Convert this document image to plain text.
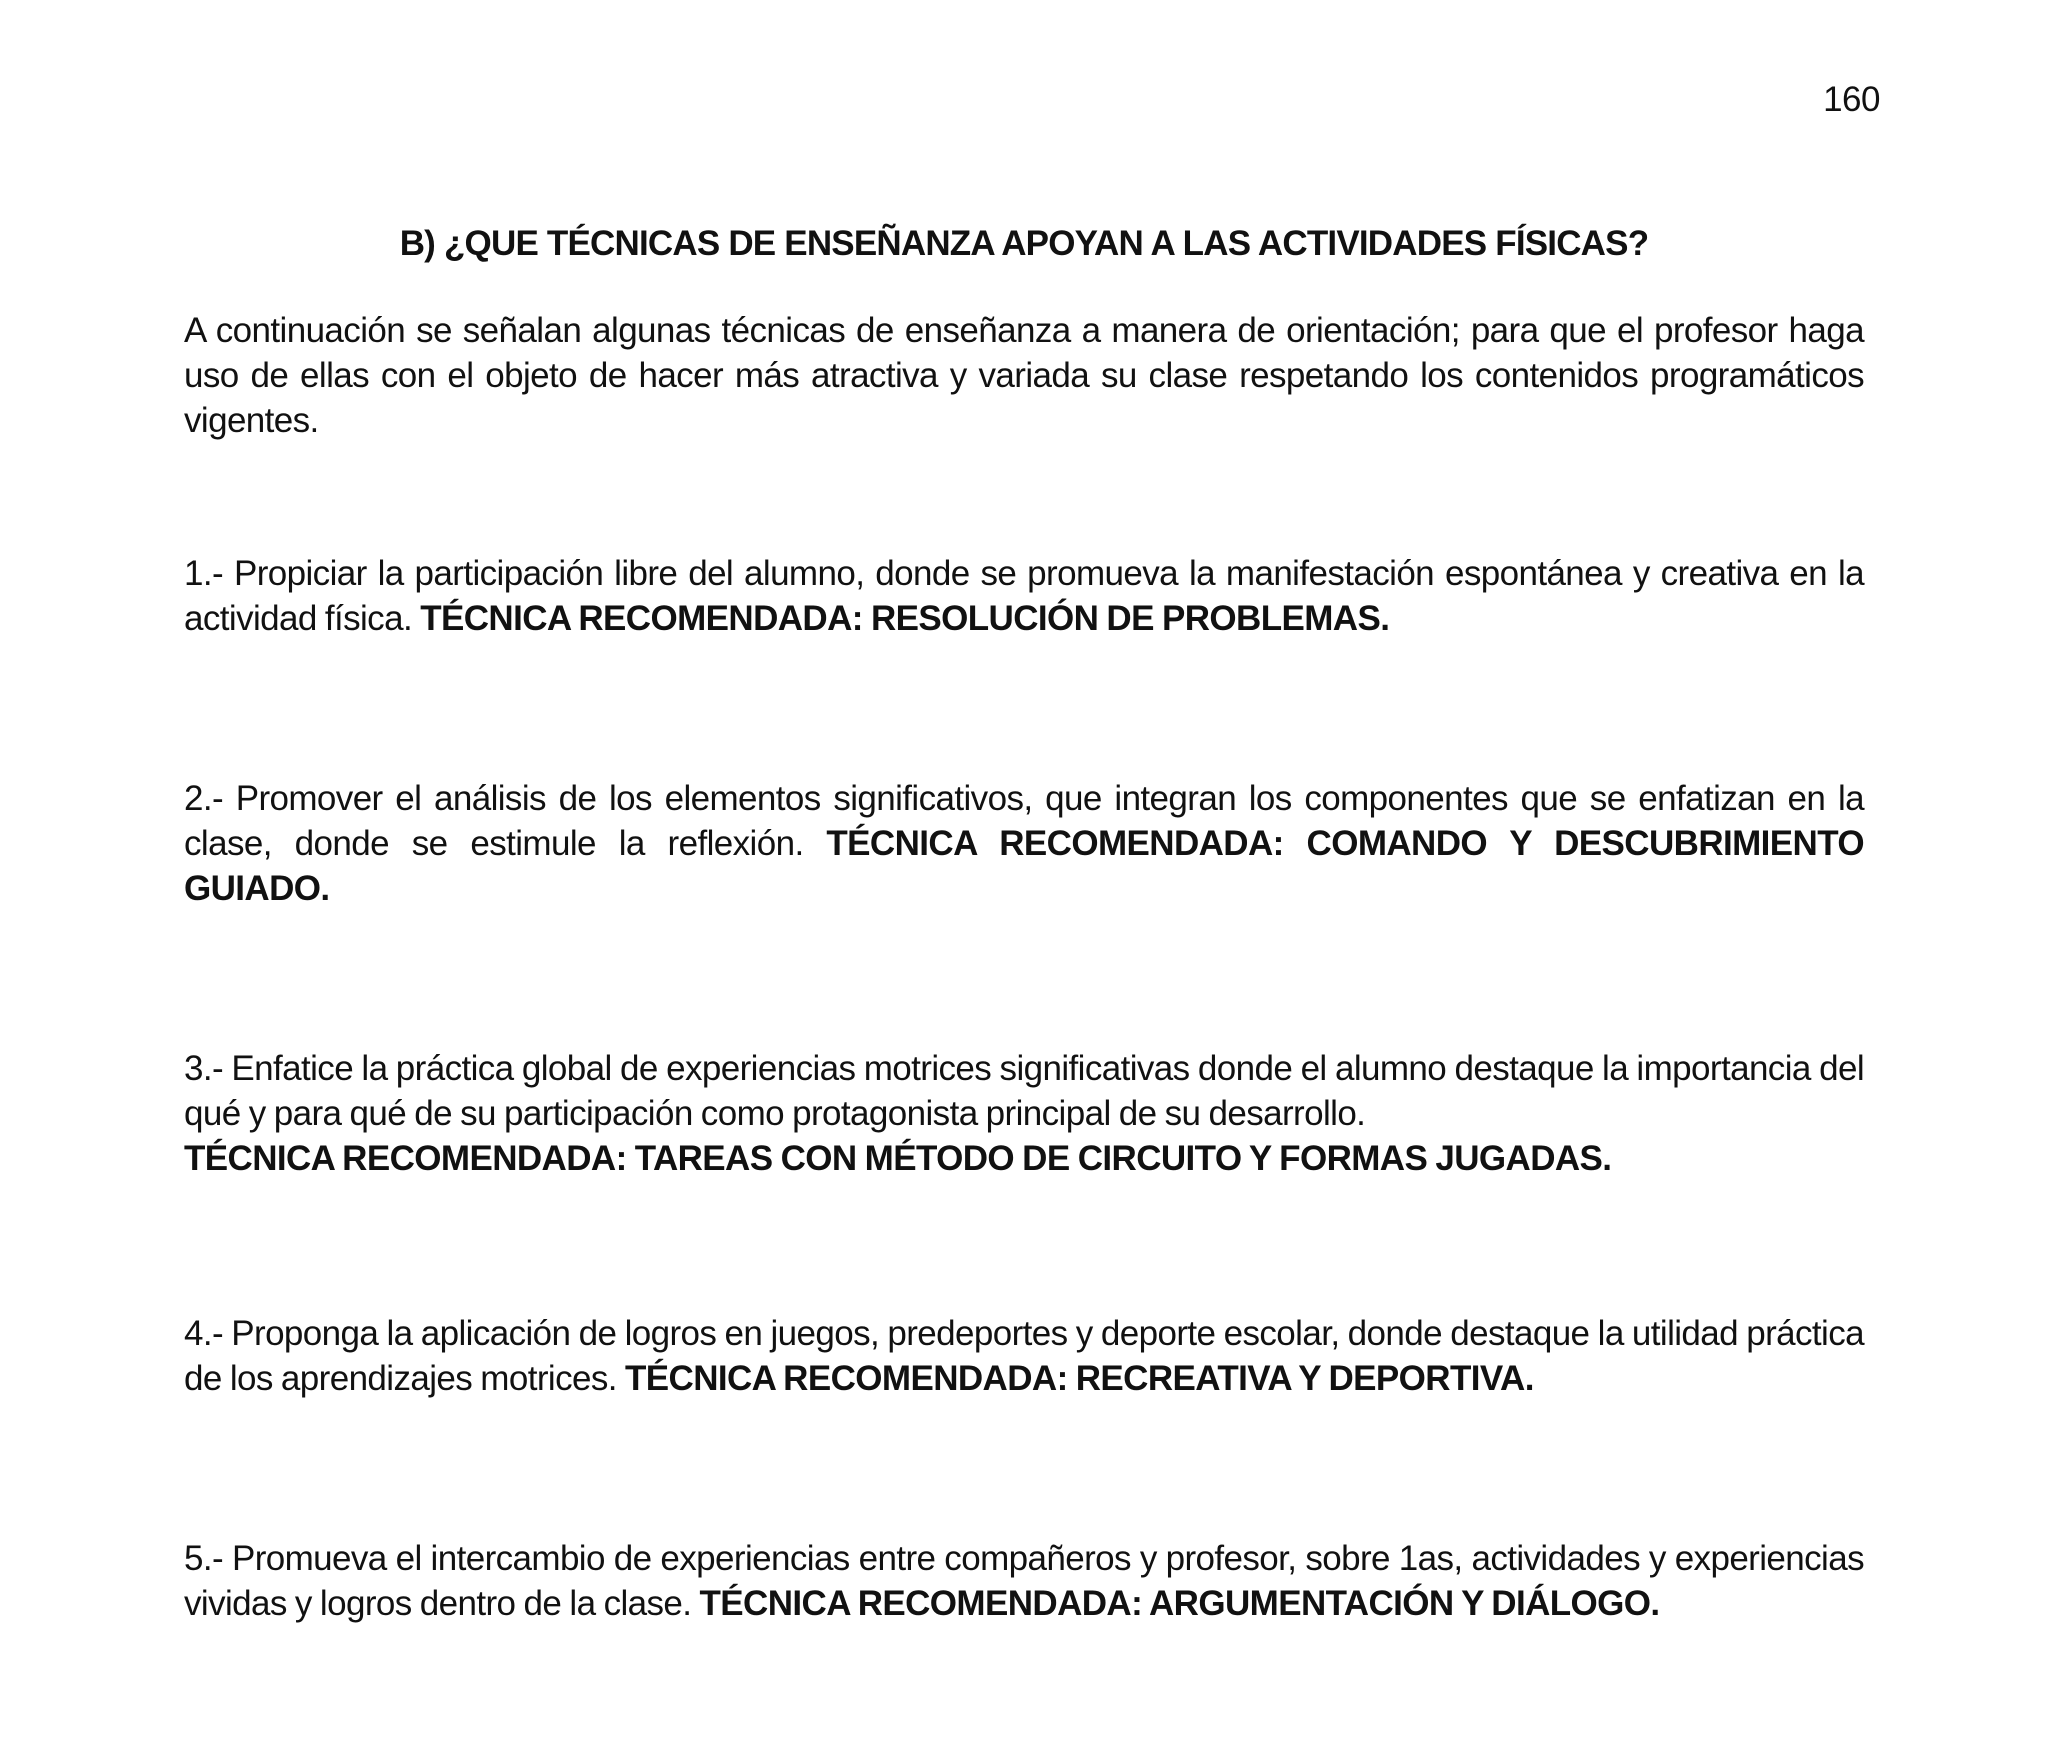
160
B) ¿QUE TÉCNICAS DE ENSEÑANZA APOYAN A LAS ACTIVIDADES FÍSICAS?

A continuación se señalan algunas técnicas de enseñanza a manera de orientación; para que el profesor haga uso de ellas con el objeto de hacer más atractiva y variada su clase respetando los contenidos programáticos vigentes.

1.- Propiciar la participación libre del alumno, donde se promueva la manifestación espontánea y creativa en la actividad física. TÉCNICA RECOMENDADA: RESOLUCIÓN DE PROBLEMAS.

2.- Promover el análisis de los elementos significativos, que integran los componentes que se enfatizan en la clase, donde se estimule la reflexión. TÉCNICA RECOMENDADA: COMANDO Y DESCUBRIMIENTO GUIADO.

3.- Enfatice la práctica global de experiencias motrices significativas donde el alumno destaque la importancia del qué y para qué de su participación como protagonista principal de su desarrollo.
TÉCNICA RECOMENDADA: TAREAS CON MÉTODO DE CIRCUITO Y FORMAS JUGADAS.

4.- Proponga la aplicación de logros en juegos, predeportes y deporte escolar, donde destaque la utilidad práctica de los aprendizajes motrices. TÉCNICA RECOMENDADA: RECREATIVA Y DEPORTIVA.

5.- Promueva el intercambio de experiencias entre compañeros y profesor, sobre 1as, actividades y experiencias vividas y logros dentro de la clase. TÉCNICA RECOMENDADA: ARGUMENTACIÓN Y DIÁLOGO.
